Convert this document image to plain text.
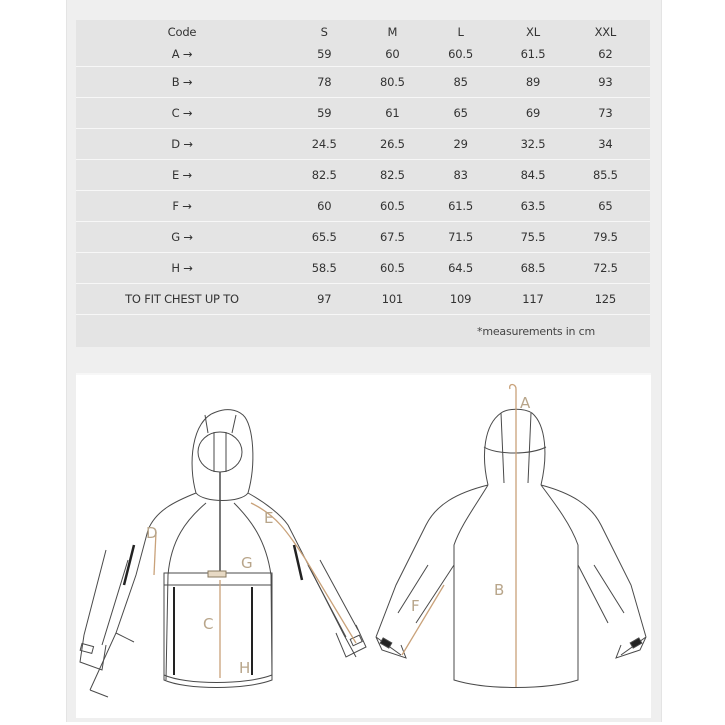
Code	S	M	L	XL	XXL
A →	59	60	60.5	61.5	62
B →	78	80.5	85	89	93
C →	59	61	65	69	73
D →	24.5	26.5	29	32.5	34
E →	82.5	82.5	83	84.5	85.5
F →	60	60.5	61.5	63.5	65
G →	65.5	67.5	71.5	75.5	79.5
H →	58.5	60.5	64.5	68.5	72.5
TO FIT CHEST UP TO	97	101	109	117	125
*measurements in cm
D
E
G
C
H
A
B
F
